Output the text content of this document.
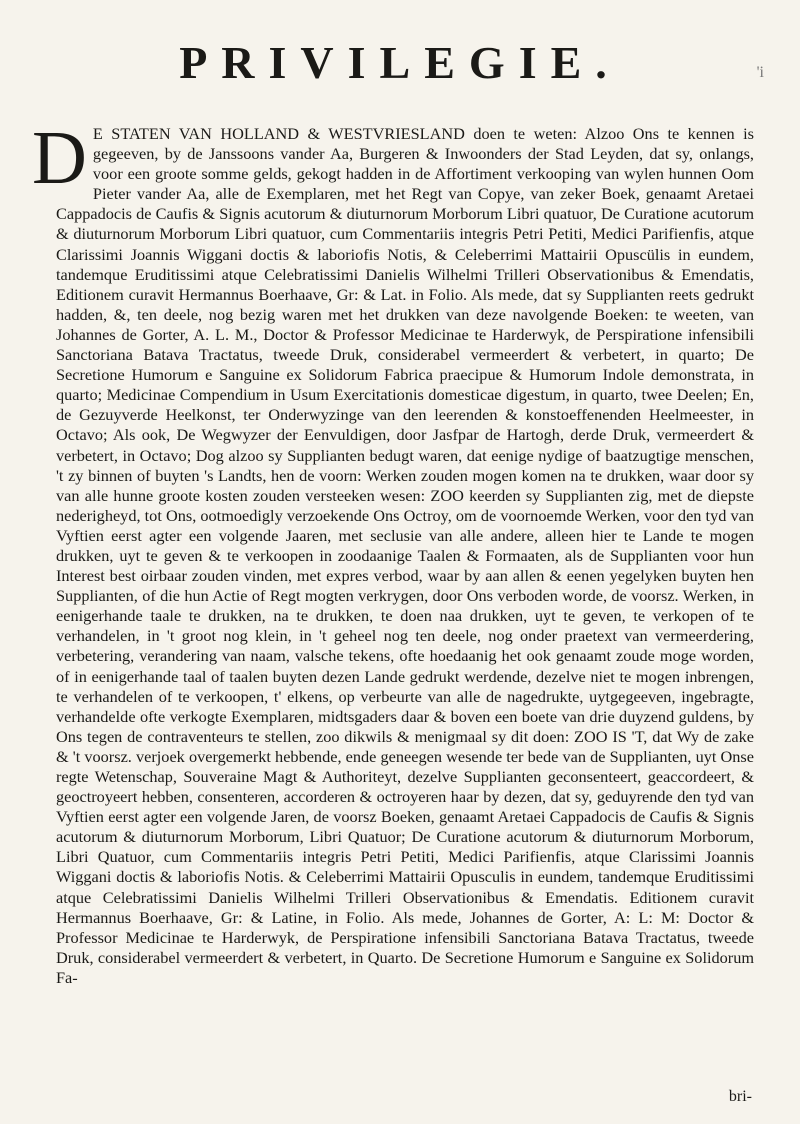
PRIVILEGIE.	'i
D E STATEN VAN HOLLAND & WESTVRIESLAND doen te weten: Alzoo Ons te kennen is gegeeven, by de Janssoons vander Aa, Burgeren & Inwoonders der Stad Leyden, dat sy, onlangs, voor een groote somme gelds, gekogt hadden in de Affortiment verkooping van wylen hunnen Oom Pieter vander Aa, alle de Exemplaren, met het Regt van Copye, van zeker Boek, genaamt Aretaei Cappadocis de Caufis & Signis acutorum & diuturnorum Morborum Libri quatuor, De Curatione acutorum & diuturnorum Morborum Libri quatuor, cum Commentariis integris Petri Petiti, Medici Parifienfis, atque Clarissimi Joannis Wiggani doctis & laboriofis Notis, & Celeberrimi Mattairii Opuscülis in eundem, tandemque Eruditissimi atque Celebratissimi Danielis Wilhelmi Trilleri Observationibus & Emendatis, Editionem curavit Hermannus Boerhaave, Gr: & Lat. in Folio. Als mede, dat sy Supplianten reets gedrukt hadden, &, ten deele, nog bezig waren met het drukken van deze navolgende Boeken: te weeten, van Johannes de Gorter, A. L. M., Doctor & Professor Medicinae te Harderwyk, de Perspiratione infensibili Sanctoriana Batava Tractatus, tweede Druk, considerabel vermeerdert & verbetert, in quarto; De Secretione Humorum e Sanguine ex Solidorum Fabrica praecipue & Humorum Indole demonstrata, in quarto; Medicinae Compendium in Usum Exercitationis domesticae digestum, in quarto, twee Deelen; En, de Gezuyverde Heelkonst, ter Onderwyzinge van den leerenden & konstoeffenenden Heelmeester, in Octavo; Als ook, De Wegwyzer der Eenvuldigen, door Jasfpar de Hartogh, derde Druk, vermeerdert & verbetert, in Octavo; Dog alzoo sy Supplianten bedugt waren, dat eenige nydige of baatzugtige menschen, 't zy binnen of buyten 's Landts, hen de voorn: Werken zouden mogen komen na te drukken, waar door sy van alle hunne groote kosten zouden versteeken wesen: ZOO keerden sy Supplianten zig, met de diepste nederigheyd, tot Ons, ootmoedigly verzoekende Ons Octroy, om de voornoemde Werken, voor den tyd van Vyftien eerst agter een volgende Jaaren, met seclusie van alle andere, alleen hier te Lande te mogen drukken, uyt te geven & te verkoopen in zoodaanige Taalen & Formaaten, als de Supplianten voor hun Interest best oirbaar zouden vinden, met expres verbod, waar by aan allen & eenen yegelyken buyten hen Supplianten, of die hun Actie of Regt mogten verkrygen, door Ons verboden worde, de voorsz. Werken, in eenigerhande taale te drukken, na te drukken, te doen naa drukken, uyt te geven, te verkopen of te verhandelen, in 't groot nog klein, in 't geheel nog ten deele, nog onder praetext van vermeerdering, verbetering, verandering van naam, valsche tekens, ofte hoedaanig het ook genaamt zoude moge worden, of in eenigerhande taal of taalen buyten dezen Lande gedrukt werdende, dezelve niet te mogen inbrengen, te verhandelen of te verkoopen, t' elkens, op verbeurte van alle de nagedrukte, uytgegeeven, ingebragte, verhandelde ofte verkogte Exemplaren, midtsgaders daar & boven een boete van drie duyzend guldens, by Ons tegen de contraventeurs te stellen, zoo dikwils & menigmaal sy dit doen: ZOO IS 'T, dat Wy de zake & 't voorsz. verjoek overgemerkt hebbende, ende geneegen wesende ter bede van de Supplianten, uyt Onse regte Wetenschap, Souveraine Magt & Authoriteyt, dezelve Supplianten geconsenteert, geaccordeert, & geoctroyeert hebben, consenteren, accorderen & octroyeren haar by dezen, dat sy, geduyrende den tyd van Vyftien eerst agter een volgende Jaren, de voorsz Boeken, genaamt Aretaei Cappadocis de Caufis & Signis acutorum & diuturnorum Morborum, Libri Quatuor; De Curatione acutorum & diuturnorum Morborum, Libri Quatuor, cum Commentariis integris Petri Petiti, Medici Parifienfis, atque Clarissimi Joannis Wiggani doctis & laboriofis Notis. & Celeberrimi Mattairii Opusculis in eundem, tandemque Eruditissimi atque Celebratissimi Danielis Wilhelmi Trilleri Observationibus & Emendatis. Editionem curavit Hermannus Boerhaave, Gr: & Latine, in Folio. Als mede, Johannes de Gorter, A: L: M: Doctor & Professor Medicinae te Harderwyk, de Perspiratione infensibili Sanctoriana Batava Tractatus, tweede Druk, considerabel vermeerdert & verbetert, in Quarto. De Secretione Humorum e Sanguine ex Solidorum Fa-
bri-
